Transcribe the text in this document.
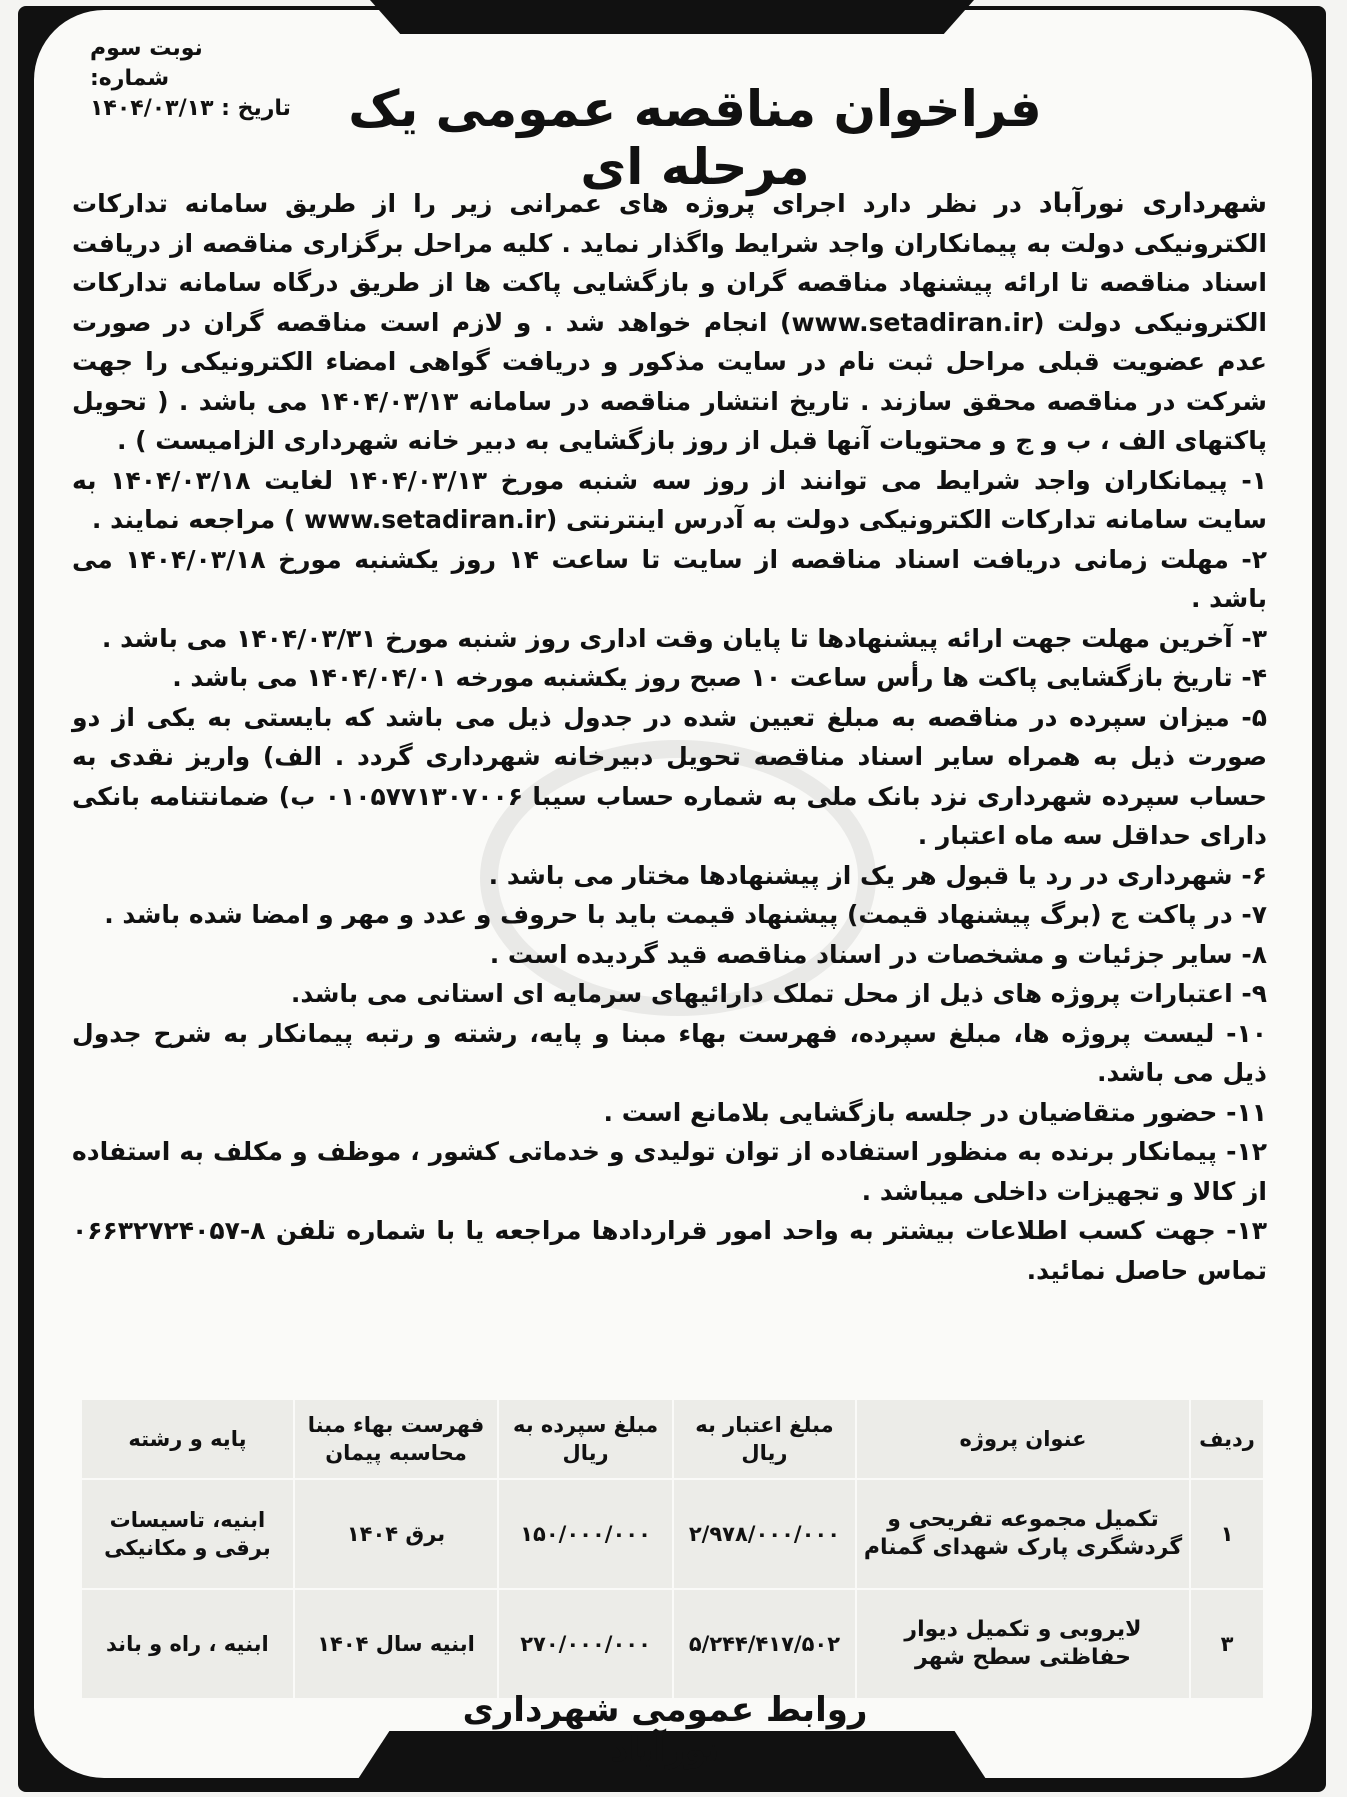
نوبت سوم
شماره:
تاریخ : ۱۴۰۴/۰۳/۱۳	فراخوان مناقصه عمومی یک مرحله ای

شهرداری نورآباد در نظر دارد اجرای پروژه های عمرانی زیر را از طریق سامانه تدارکات الکترونیکی دولت به پیمانکاران واجد شرایط واگذار نماید . کلیه مراحل برگزاری مناقصه از دریافت اسناد مناقصه تا ارائه پیشنهاد مناقصه گران و بازگشایی پاکت ها از طریق درگاه سامانه تدارکات الکترونیکی دولت (www.setadiran.ir) انجام خواهد شد . و لازم است مناقصه گران در صورت عدم عضویت قبلی مراحل ثبت نام در سایت مذکور و دریافت گواهی امضاء الکترونیکی را جهت شرکت در مناقصه محقق سازند . تاریخ انتشار مناقصه در سامانه ۱۴۰۴/۰۳/۱۳ می باشد . ( تحویل پاکتهای الف ، ب و ج و محتویات آنها قبل از روز بازگشایی به دبیر خانه شهرداری الزامیست ) .

۱- پیمانکاران واجد شرایط می توانند از روز سه شنبه مورخ ۱۴۰۴/۰۳/۱۳ لغایت ۱۴۰۴/۰۳/۱۸ به سایت سامانه تدارکات الکترونیکی دولت به آدرس اینترنتی (www.setadiran.ir ) مراجعه نمایند .

۲- مهلت زمانی دریافت اسناد مناقصه از سایت تا ساعت ۱۴ روز یکشنبه مورخ ۱۴۰۴/۰۳/۱۸ می باشد .

۳- آخرین مهلت جهت ارائه پیشنهادها تا پایان وقت اداری روز شنبه مورخ ۱۴۰۴/۰۳/۳۱ می باشد .

۴- تاریخ بازگشایی پاکت ها رأس ساعت ۱۰ صبح روز یکشنبه مورخه ۱۴۰۴/۰۴/۰۱ می باشد .

۵- میزان سپرده در مناقصه به مبلغ تعیین شده در جدول ذیل می باشد که بایستی به یکی از دو صورت ذیل به همراه سایر اسناد مناقصه تحویل دبیرخانه شهرداری گردد . الف) واریز نقدی به حساب سپرده شهرداری نزد بانک ملی به شماره حساب سیبا ۰۱۰۵۷۷۱۳۰۷۰۰۶ ب) ضمانتنامه بانکی دارای حداقل سه ماه اعتبار .

۶- شهرداری در رد یا قبول هر یک از پیشنهادها مختار می باشد .

۷- در پاکت ج (برگ پیشنهاد قیمت) پیشنهاد قیمت باید با حروف و عدد و مهر و امضا شده باشد .

۸- سایر جزئیات و مشخصات در اسناد مناقصه قید گردیده است .

۹- اعتبارات پروژه های ذیل از محل تملک دارائیهای سرمایه ای استانی می باشد.

۱۰- لیست پروژه ها، مبلغ سپرده، فهرست بهاء مبنا و پایه، رشته و رتبه پیمانکار به شرح جدول ذیل می باشد.

۱۱- حضور متقاضیان در جلسه بازگشایی بلامانع است .

۱۲- پیمانکار برنده به منظور استفاده از توان تولیدی و خدماتی کشور ، موظف و مکلف به استفاده از کالا و تجهیزات داخلی میباشد .

۱۳- جهت کسب اطلاعات بیشتر به واحد امور قراردادها مراجعه یا با شماره تلفن ۸-۰۶۶۳۲۷۲۴۰۵۷ تماس حاصل نمائید.

ردیف	عنوان پروژه	مبلغ اعتبار به ریال	مبلغ سپرده به ریال	فهرست بهاء مبنا محاسبه پیمان	پایه و رشته
۱	تکمیل مجموعه تفریحی و گردشگری پارک شهدای گمنام	۲/۹۷۸/۰۰۰/۰۰۰	۱۵۰/۰۰۰/۰۰۰	برق ۱۴۰۴	ابنیه، تاسیسات برقی و مکانیکی
۳	لایروبی و تکمیل دیوار حفاظتی سطح شهر	۵/۲۴۴/۴۱۷/۵۰۲	۲۷۰/۰۰۰/۰۰۰	ابنیه سال ۱۴۰۴	ابنیه ، راه و باند
روابط عمومی شهرداری نورآباد
